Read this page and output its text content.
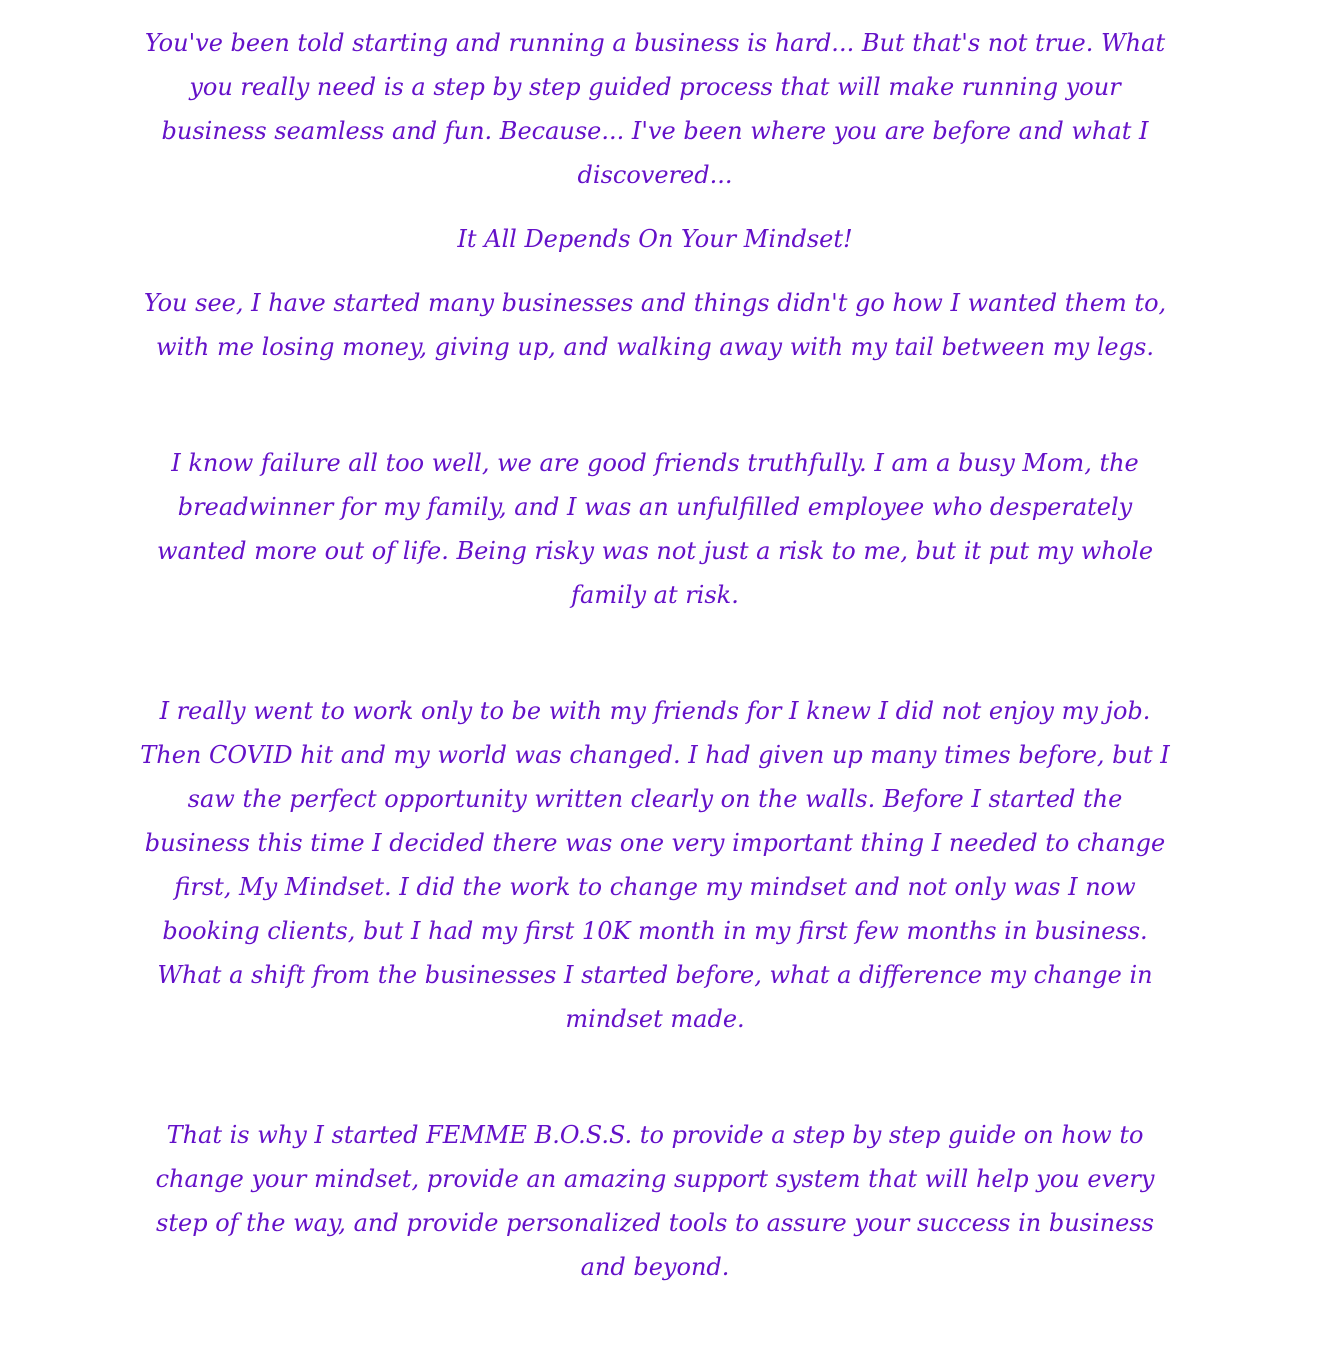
You've been told starting and running a business is hard... But that's not true. What you really need is a step by step guided process that will make running your business seamless and fun. Because... I've been where you are before and what I discovered...

It All Depends On Your Mindset!

You see, I have started many businesses and things didn't go how I wanted them to, with me losing money, giving up, and walking away with my tail between my legs.

I know failure all too well, we are good friends truthfully. I am a busy Mom, the breadwinner for my family, and I was an unfulfilled employee who desperately wanted more out of life. Being risky was not just a risk to me, but it put my whole family at risk.

I really went to work only to be with my friends for I knew I did not enjoy my job. Then COVID hit and my world was changed. I had given up many times before, but I saw the perfect opportunity written clearly on the walls. Before I started the business this time I decided there was one very important thing I needed to change first, My Mindset. I did the work to change my mindset and not only was I now booking clients, but I had my first 10K month in my first few months in business. What a shift from the businesses I started before, what a difference my change in mindset made.

That is why I started FEMME B.O.S.S. to provide a step by step guide on how to change your mindset, provide an amazing support system that will help you every step of the way, and provide personalized tools to assure your success in business and beyond.
